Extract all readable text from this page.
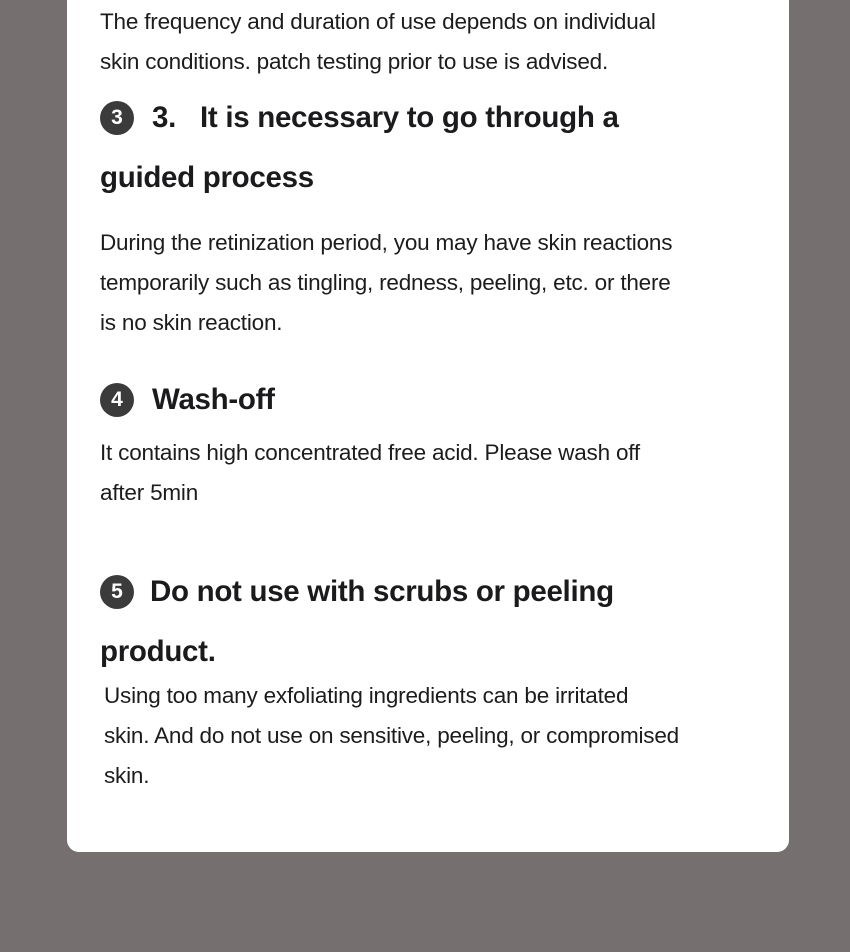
The frequency and duration of use depends on individual
skin conditions. patch testing prior to use is advised.

3 3. It is necessary to go through a
guided process

During the retinization period, you may have skin reactions
temporarily such as tingling, redness, peeling, etc. or there
is no skin reaction.

4 Wash-off

It contains high concentrated free acid. Please wash off
after 5min

5 Do not use with scrubs or peeling
product.

Using too many exfoliating ingredients can be irritated
skin. And do not use on sensitive, peeling, or compromised
skin.
